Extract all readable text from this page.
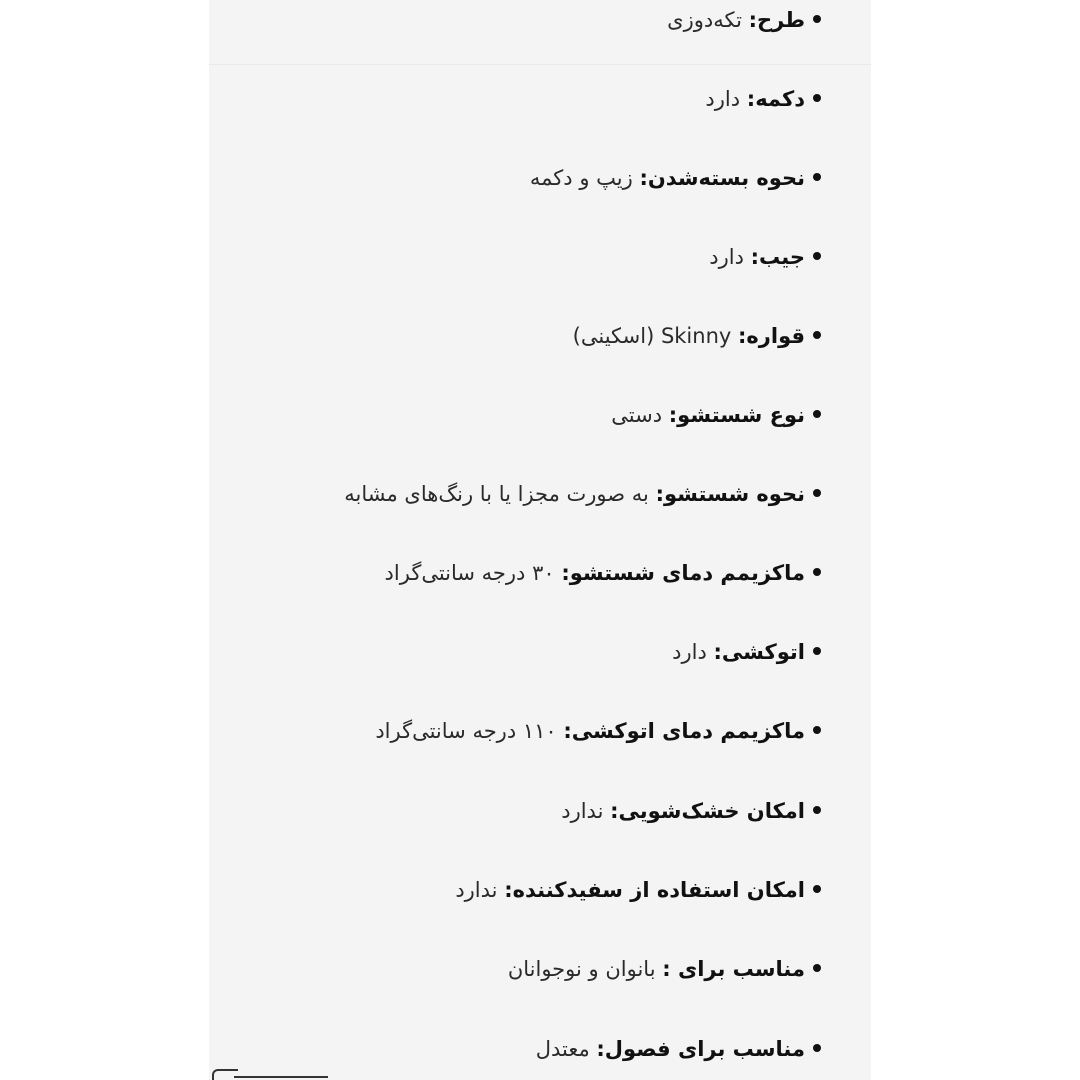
طرح: تکه‌دوزی
دکمه: دارد
نحوه بسته‌شدن: زیپ و دکمه
جیب: دارد
قواره: Skinny (اسکینی)
نوع شستشو: دستی
نحوه شستشو: به صورت مجزا یا با رنگ‌های مشابه
ماکزیمم دمای شستشو: ۳۰ درجه سانتی‌گراد
اتوکشی: دارد
ماکزیمم دمای اتوکشی: ۱۱۰ درجه سانتی‌گراد
امکان خشک‌شویی: ندارد
امکان استفاده از سفیدکننده: ندارد
مناسب برای : بانوان و نوجوانان
مناسب برای فصول: معتدل
